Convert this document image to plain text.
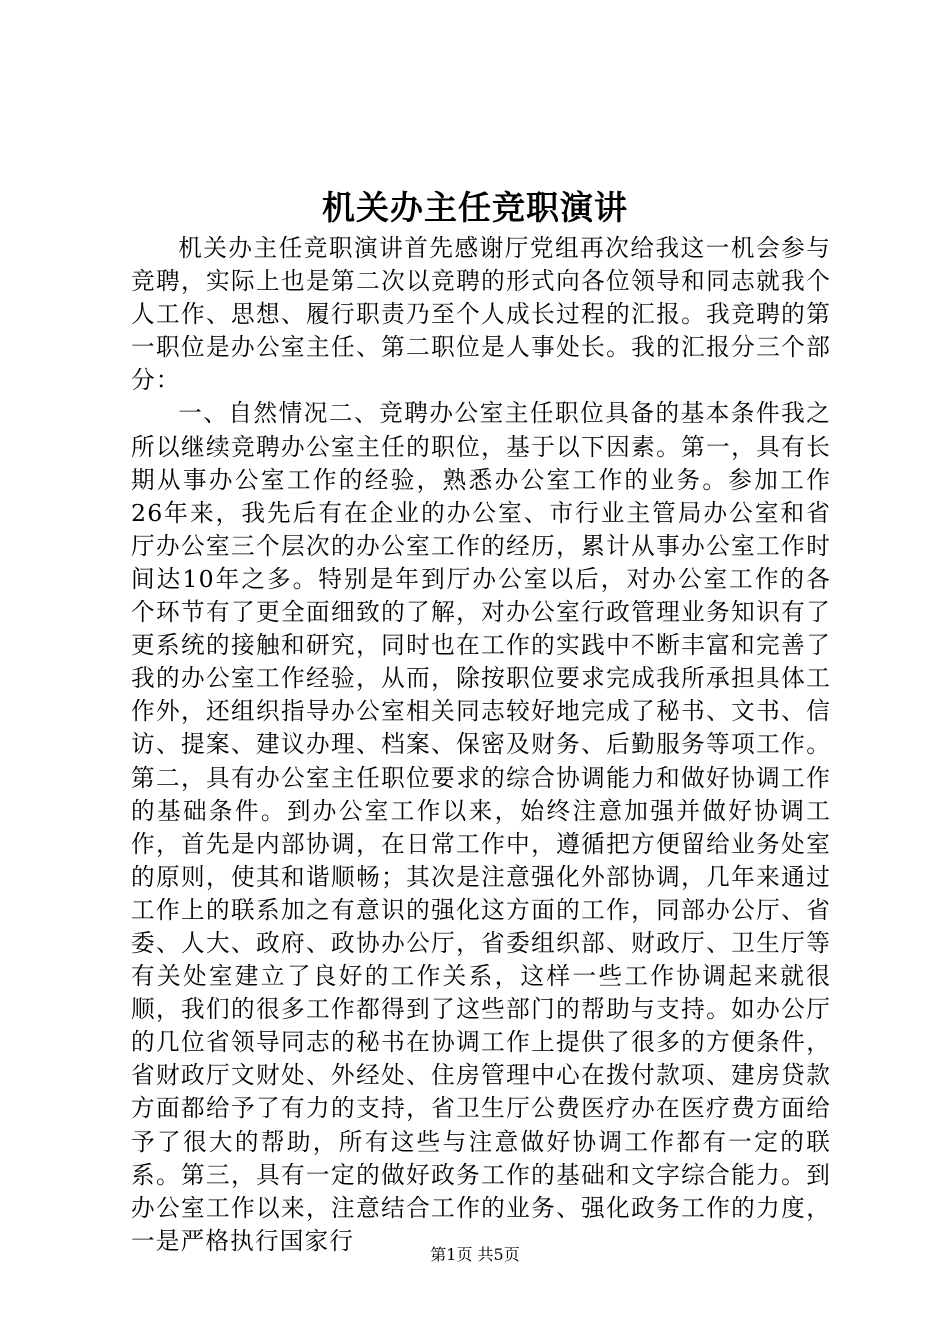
机关办主任竞职演讲

机关办主任竞职演讲首先感谢厅党组再次给我这一机会参与竞聘，实际上也是第二次以竞聘的形式向各位领导和同志就我个人工作、思想、履行职责乃至个人成长过程的汇报。我竞聘的第一职位是办公室主任、第二职位是人事处长。我的汇报分三个部分：

一、自然情况二、竞聘办公室主任职位具备的基本条件我之所以继续竞聘办公室主任的职位，基于以下因素。第一，具有长期从事办公室工作的经验，熟悉办公室工作的业务。参加工作26年来，我先后有在企业的办公室、市行业主管局办公室和省厅办公室三个层次的办公室工作的经历，累计从事办公室工作时间达10年之多。特别是年到厅办公室以后，对办公室工作的各个环节有了更全面细致的了解，对办公室行政管理业务知识有了更系统的接触和研究，同时也在工作的实践中不断丰富和完善了我的办公室工作经验，从而，除按职位要求完成我所承担具体工作外，还组织指导办公室相关同志较好地完成了秘书、文书、信访、提案、建议办理、档案、保密及财务、后勤服务等项工作。第二，具有办公室主任职位要求的综合协调能力和做好协调工作的基础条件。到办公室工作以来，始终注意加强并做好协调工作，首先是内部协调，在日常工作中，遵循把方便留给业务处室的原则，使其和谐顺畅；其次是注意强化外部协调，几年来通过工作上的联系加之有意识的强化这方面的工作，同部办公厅、省委、人大、政府、政协办公厅，省委组织部、财政厅、卫生厅等有关处室建立了良好的工作关系，这样一些工作协调起来就很顺，我们的很多工作都得到了这些部门的帮助与支持。如办公厅的几位省领导同志的秘书在协调工作上提供了很多的方便条件，省财政厅文财处、外经处、住房管理中心在拨付款项、建房贷款方面都给予了有力的支持，省卫生厅公费医疗办在医疗费方面给予了很大的帮助，所有这些与注意做好协调工作都有一定的联系。第三，具有一定的做好政务工作的基础和文字综合能力。到办公室工作以来，注意结合工作的业务、强化政务工作的力度，一是严格执行国家行	第1页 共5页
